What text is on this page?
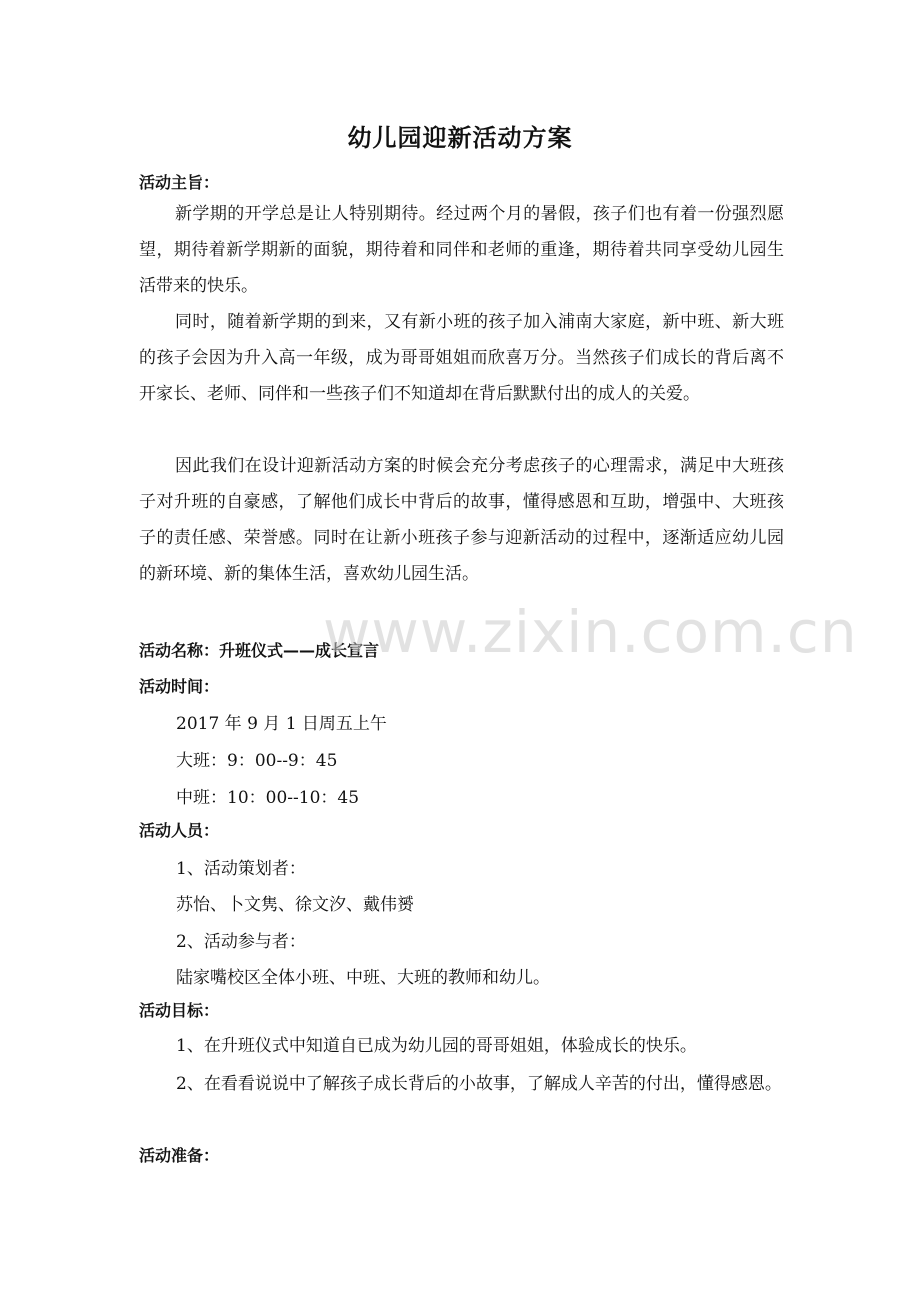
幼儿园迎新活动方案
活动主旨：

新学期的开学总是让人特别期待。经过两个月的暑假，孩子们也有着一份强烈愿望，期待着新学期新的面貌，期待着和同伴和老师的重逢，期待着共同享受幼儿园生活带来的快乐。

同时，随着新学期的到来，又有新小班的孩子加入浦南大家庭，新中班、新大班的孩子会因为升入高一年级，成为哥哥姐姐而欣喜万分。当然孩子们成长的背后离不开家长、老师、同伴和一些孩子们不知道却在背后默默付出的成人的关爱。

因此我们在设计迎新活动方案的时候会充分考虑孩子的心理需求，满足中大班孩子对升班的自豪感，了解他们成长中背后的故事，懂得感恩和互助，增强中、大班孩子的责任感、荣誉感。同时在让新小班孩子参与迎新活动的过程中，逐渐适应幼儿园的新环境、新的集体生活，喜欢幼儿园生活。

活动名称：升班仪式——成长宣言
活动时间：
2017 年 9 月 1 日周五上午
大班：9：00--9：45
中班：10：00--10：45
活动人员：
1、活动策划者：
苏怡、卜文隽、徐文汐、戴伟赟
2、活动参与者：
陆家嘴校区全体小班、中班、大班的教师和幼儿。
活动目标：

1、在升班仪式中知道自已成为幼儿园的哥哥姐姐，体验成长的快乐。

2、在看看说说中了解孩子成长背后的小故事，了解成人辛苦的付出，懂得感恩。

活动准备：
www.zixin.com.cn
